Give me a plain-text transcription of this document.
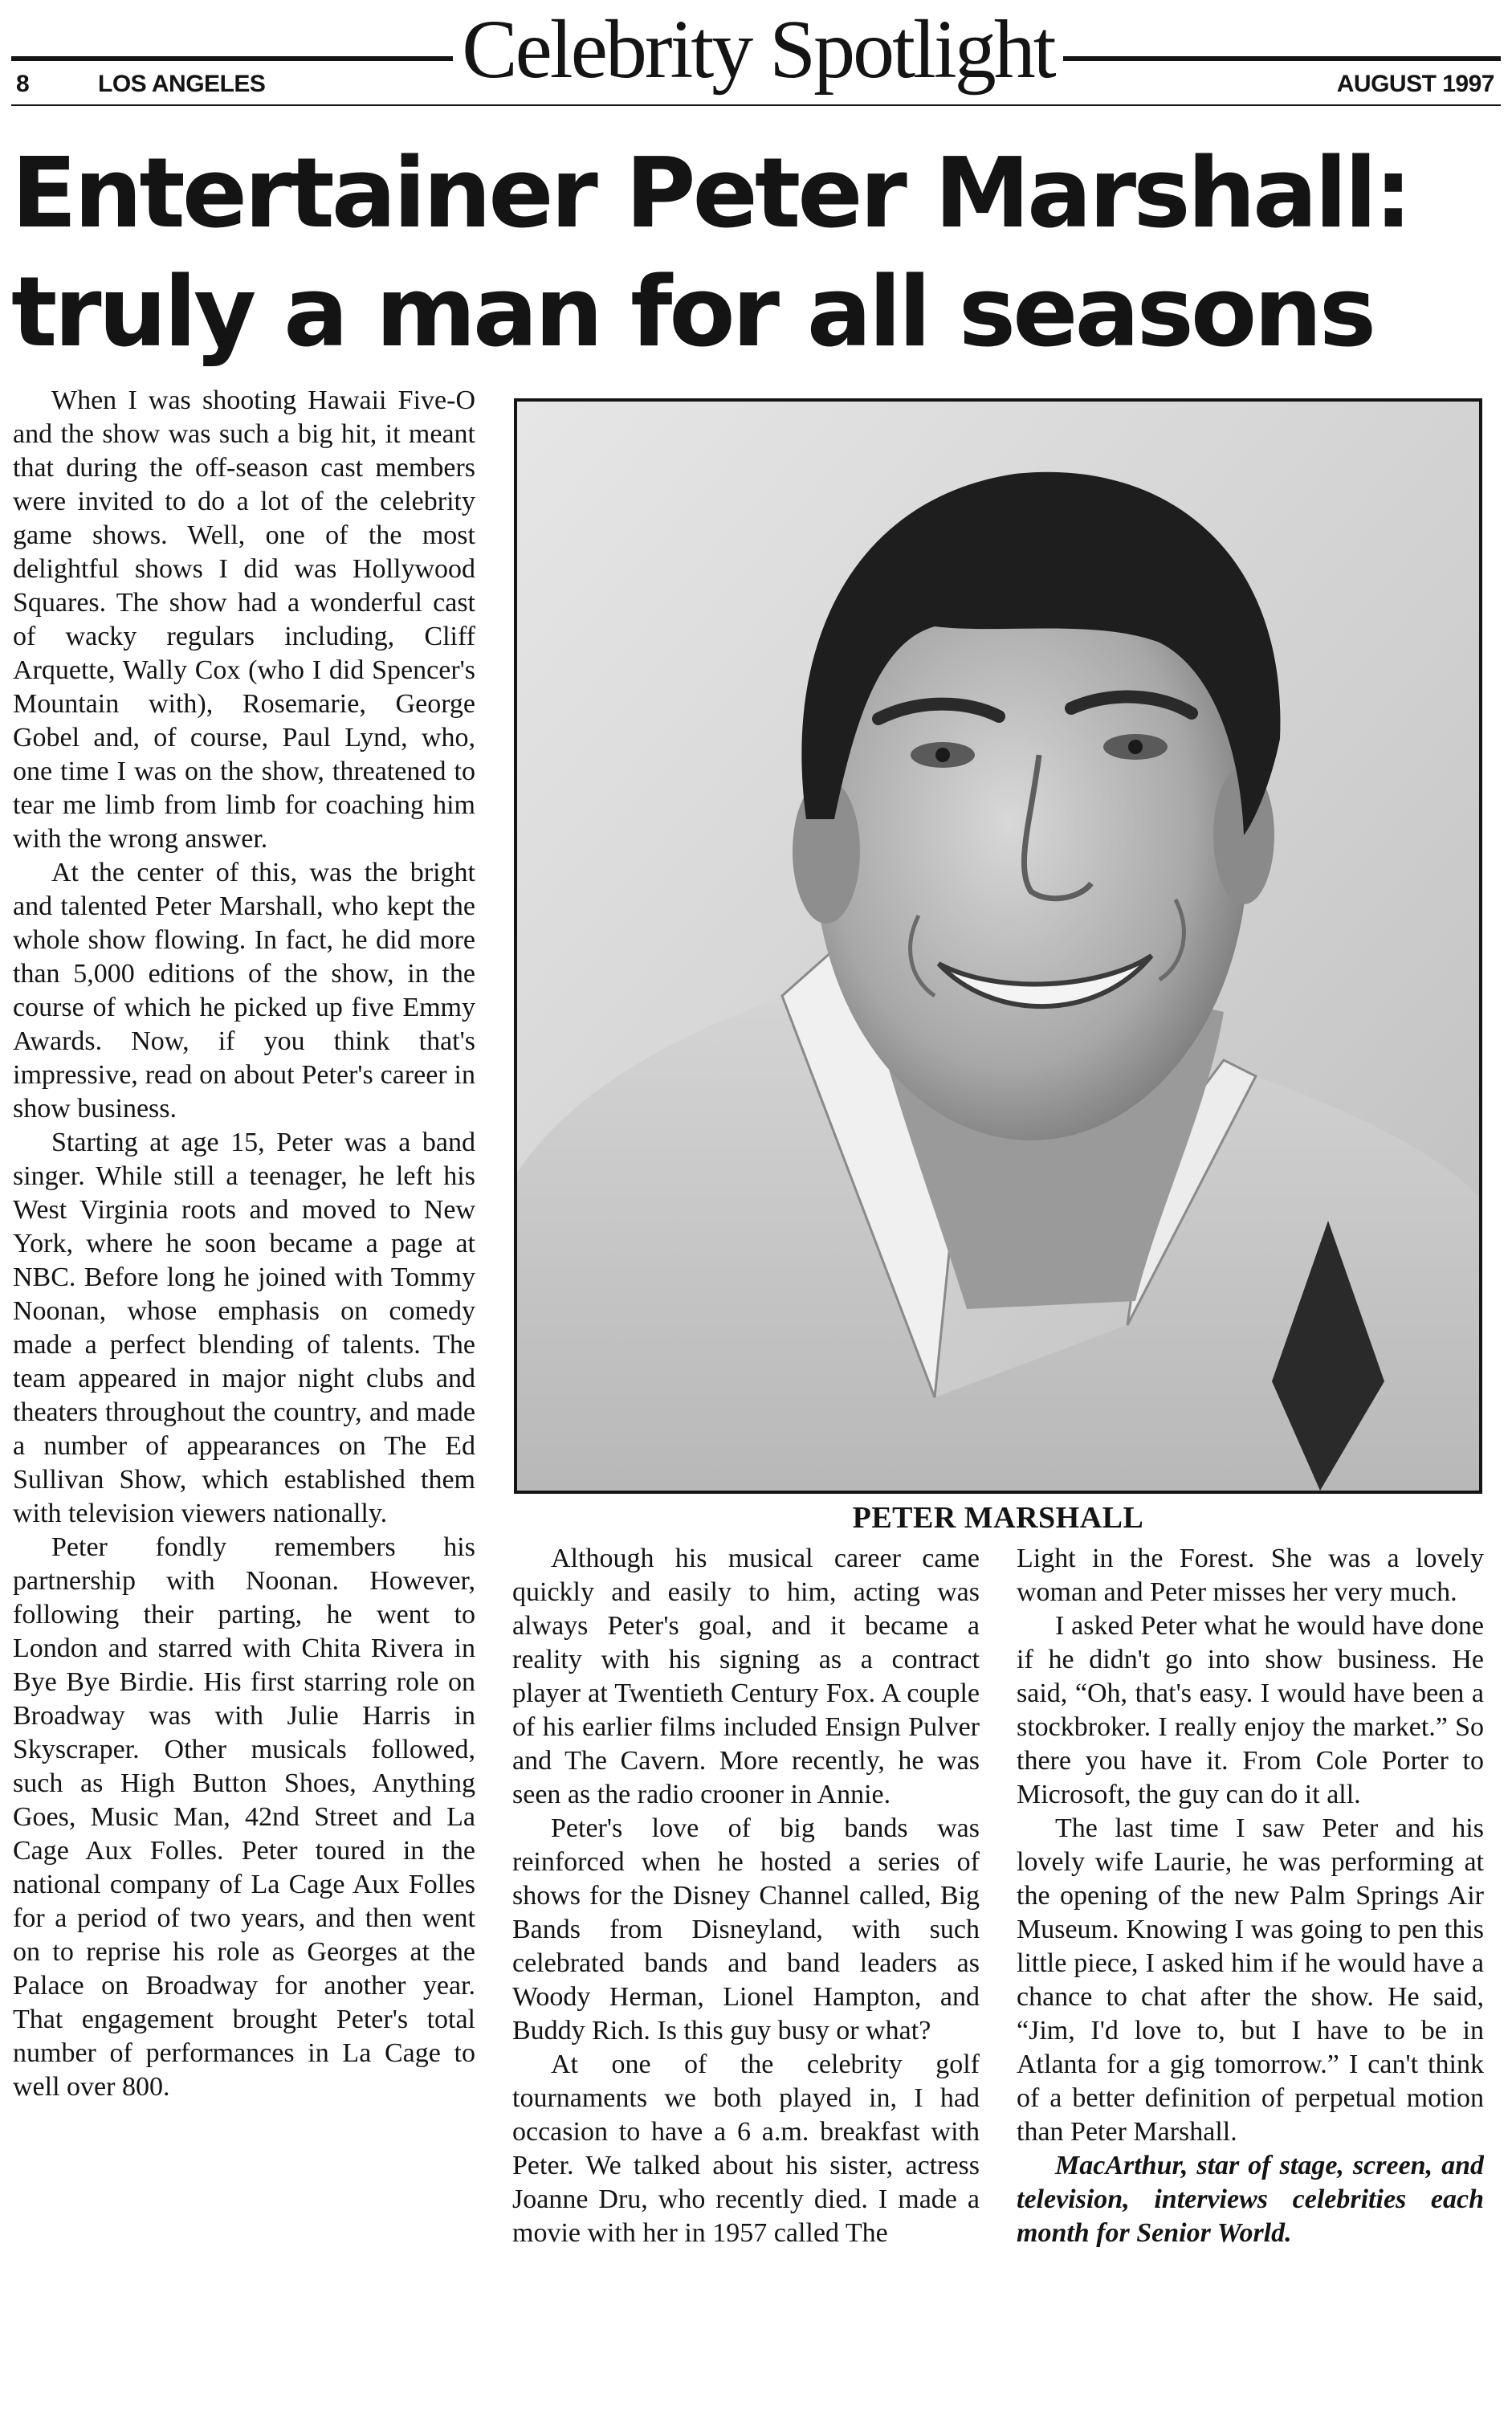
8	LOS ANGELES Celebrity Spotlight	AUGUST 1997
Entertainer Peter Marshall:
truly a man for all seasons

When I was shooting Hawaii Five-O and the show was such a big hit, it meant that during the off-season cast members were invited to do a lot of the celebrity game shows. Well, one of the most delightful shows I did was Hollywood Squares. The show had a wonderful cast of wacky regulars including, Cliff Arquette, Wally Cox (who I did Spencer's Mountain with), Rosemarie, George Gobel and, of course, Paul Lynd, who, one time I was on the show, threatened to tear me limb from limb for coaching him with the wrong answer.

At the center of this, was the bright and talented Peter Marshall, who kept the whole show flowing. In fact, he did more than 5,000 editions of the show, in the course of which he picked up five Emmy Awards. Now, if you think that's impressive, read on about Peter's career in show business.

Starting at age 15, Peter was a band singer. While still a teenager, he left his West Virginia roots and moved to New York, where he soon became a page at NBC. Before long he joined with Tommy Noonan, whose emphasis on comedy made a perfect blending of talents. The team appeared in major night clubs and theaters throughout the country, and made a number of appearances on The Ed Sullivan Show, which established them with television viewers nationally.

Peter fondly remembers his partnership with Noonan. However, following their parting, he went to London and starred with Chita Rivera in Bye Bye Birdie. His first starring role on Broadway was with Julie Harris in Skyscraper. Other musicals followed, such as High Button Shoes, Anything Goes, Music Man, 42nd Street and La Cage Aux Folles. Peter toured in the national company of La Cage Aux Folles for a period of two years, and then went on to reprise his role as Georges at the Palace on Broadway for another year. That engagement brought Peter's total number of performances in La Cage to well over 800.

PETER MARSHALL

Although his musical career came quickly and easily to him, acting was always Peter's goal, and it became a reality with his signing as a contract player at Twentieth Century Fox. A couple of his earlier films included Ensign Pulver and The Cavern. More recently, he was seen as the radio crooner in Annie.

Peter's love of big bands was reinforced when he hosted a series of shows for the Disney Channel called, Big Bands from Disneyland, with such celebrated bands and band leaders as Woody Herman, Lionel Hampton, and Buddy Rich. Is this guy busy or what?

At one of the celebrity golf tournaments we both played in, I had occasion to have a 6 a.m. breakfast with Peter. We talked about his sister, actress Joanne Dru, who recently died. I made a movie with her in 1957 called The

Light in the Forest. She was a lovely woman and Peter misses her very much.

I asked Peter what he would have done if he didn't go into show business. He said, “Oh, that's easy. I would have been a stockbroker. I really enjoy the market.” So there you have it. From Cole Porter to Microsoft, the guy can do it all.

The last time I saw Peter and his lovely wife Laurie, he was performing at the opening of the new Palm Springs Air Museum. Knowing I was going to pen this little piece, I asked him if he would have a chance to chat after the show. He said, “Jim, I'd love to, but I have to be in Atlanta for a gig tomorrow.” I can't think of a better definition of perpetual motion than Peter Marshall.

MacArthur, star of stage, screen, and television, interviews celebrities each month for Senior World.
